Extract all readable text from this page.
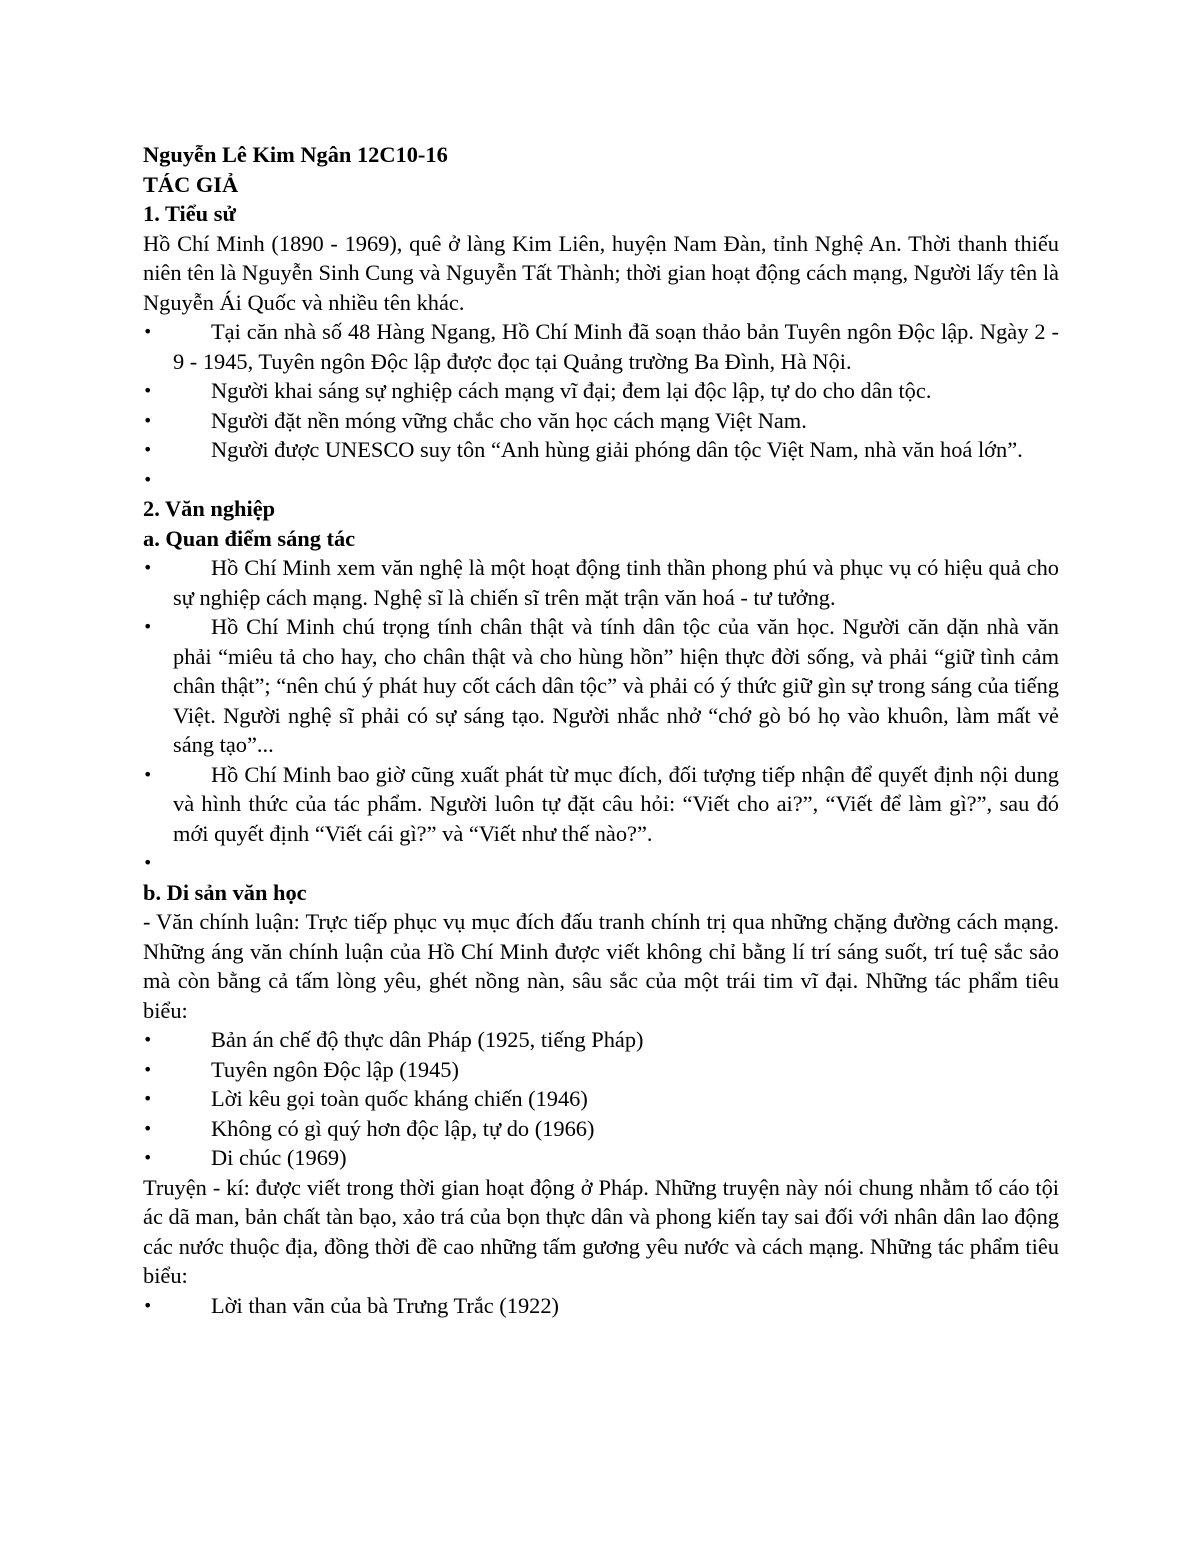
Nguyễn Lê Kim Ngân 12C10-16

TÁC GIẢ

1. Tiểu sử

Hồ Chí Minh (1890 - 1969), quê ở làng Kim Liên, huyện Nam Đàn, tỉnh Nghệ An. Thời thanh thiếu niên tên là Nguyễn Sinh Cung và Nguyễn Tất Thành; thời gian hoạt động cách mạng, Người lấy tên là Nguyễn Ái Quốc và nhiều tên khác.

•	Tại căn nhà số 48 Hàng Ngang, Hồ Chí Minh đã soạn thảo bản Tuyên ngôn Độc lập. Ngày 2 - 9 - 1945, Tuyên ngôn Độc lập được đọc tại Quảng trường Ba Đình, Hà Nội.
•	Người khai sáng sự nghiệp cách mạng vĩ đại; đem lại độc lập, tự do cho dân tộc.
•	Người đặt nền móng vững chắc cho văn học cách mạng Việt Nam.
•	Người được UNESCO suy tôn “Anh hùng giải phóng dân tộc Việt Nam, nhà văn hoá lớn”.
•

2. Văn nghiệp

a. Quan điểm sáng tác

•	Hồ Chí Minh xem văn nghệ là một hoạt động tinh thần phong phú và phục vụ có hiệu quả cho sự nghiệp cách mạng. Nghệ sĩ là chiến sĩ trên mặt trận văn hoá - tư tưởng.
•	Hồ Chí Minh chú trọng tính chân thật và tính dân tộc của văn học. Người căn dặn nhà văn phải “miêu tả cho hay, cho chân thật và cho hùng hồn” hiện thực đời sống, và phải “giữ tình cảm chân thật”; “nên chú ý phát huy cốt cách dân tộc” và phải có ý thức giữ gìn sự trong sáng của tiếng Việt. Người nghệ sĩ phải có sự sáng tạo. Người nhắc nhở “chớ gò bó họ vào khuôn, làm mất vẻ sáng tạo”...
•	Hồ Chí Minh bao giờ cũng xuất phát từ mục đích, đối tượng tiếp nhận để quyết định nội dung và hình thức của tác phẩm. Người luôn tự đặt câu hỏi: “Viết cho ai?”, “Viết để làm gì?”, sau đó mới quyết định “Viết cái gì?” và “Viết như thế nào?”.
•

b. Di sản văn học

- Văn chính luận: Trực tiếp phục vụ mục đích đấu tranh chính trị qua những chặng đường cách mạng. Những áng văn chính luận của Hồ Chí Minh được viết không chỉ bằng lí trí sáng suốt, trí tuệ sắc sảo mà còn bằng cả tấm lòng yêu, ghét nồng nàn, sâu sắc của một trái tim vĩ đại. Những tác phẩm tiêu biểu:

•	Bản án chế độ thực dân Pháp (1925, tiếng Pháp)
•	Tuyên ngôn Độc lập (1945)
•	Lời kêu gọi toàn quốc kháng chiến (1946)
•	Không có gì quý hơn độc lập, tự do (1966)
•	Di chúc (1969)

Truyện - kí: được viết trong thời gian hoạt động ở Pháp. Những truyện này nói chung nhằm tố cáo tội ác dã man, bản chất tàn bạo, xảo trá của bọn thực dân và phong kiến tay sai đối với nhân dân lao động các nước thuộc địa, đồng thời đề cao những tấm gương yêu nước và cách mạng. Những tác phẩm tiêu biểu:

•	Lời than vãn của bà Trưng Trắc (1922)
